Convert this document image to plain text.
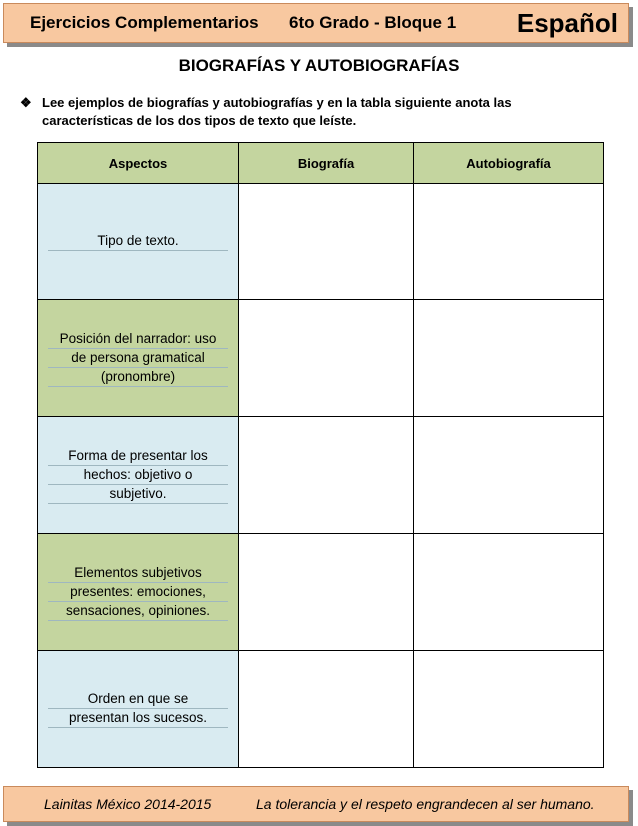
Ejercicios Complementarios 6to Grado - Bloque 1 Español
BIOGRAFÍAS Y AUTOBIOGRAFÍAS
❖ Lee ejemplos de biografías y autobiografías y en la tabla siguiente anota las
características de los dos tipos de texto que leíste.
Aspectos	Biografía	Autobiografía

Tipo de texto.		

Posición del narrador: uso
de persona gramatical
(pronombre)		

Forma de presentar los
hechos: objetivo o
subjetivo.		

Elementos subjetivos
presentes: emociones,
sensaciones, opiniones.		

Orden en que se
presentan los sucesos.		

Lainitas México 2014-2015	La tolerancia y el respeto engrandecen al ser humano.
